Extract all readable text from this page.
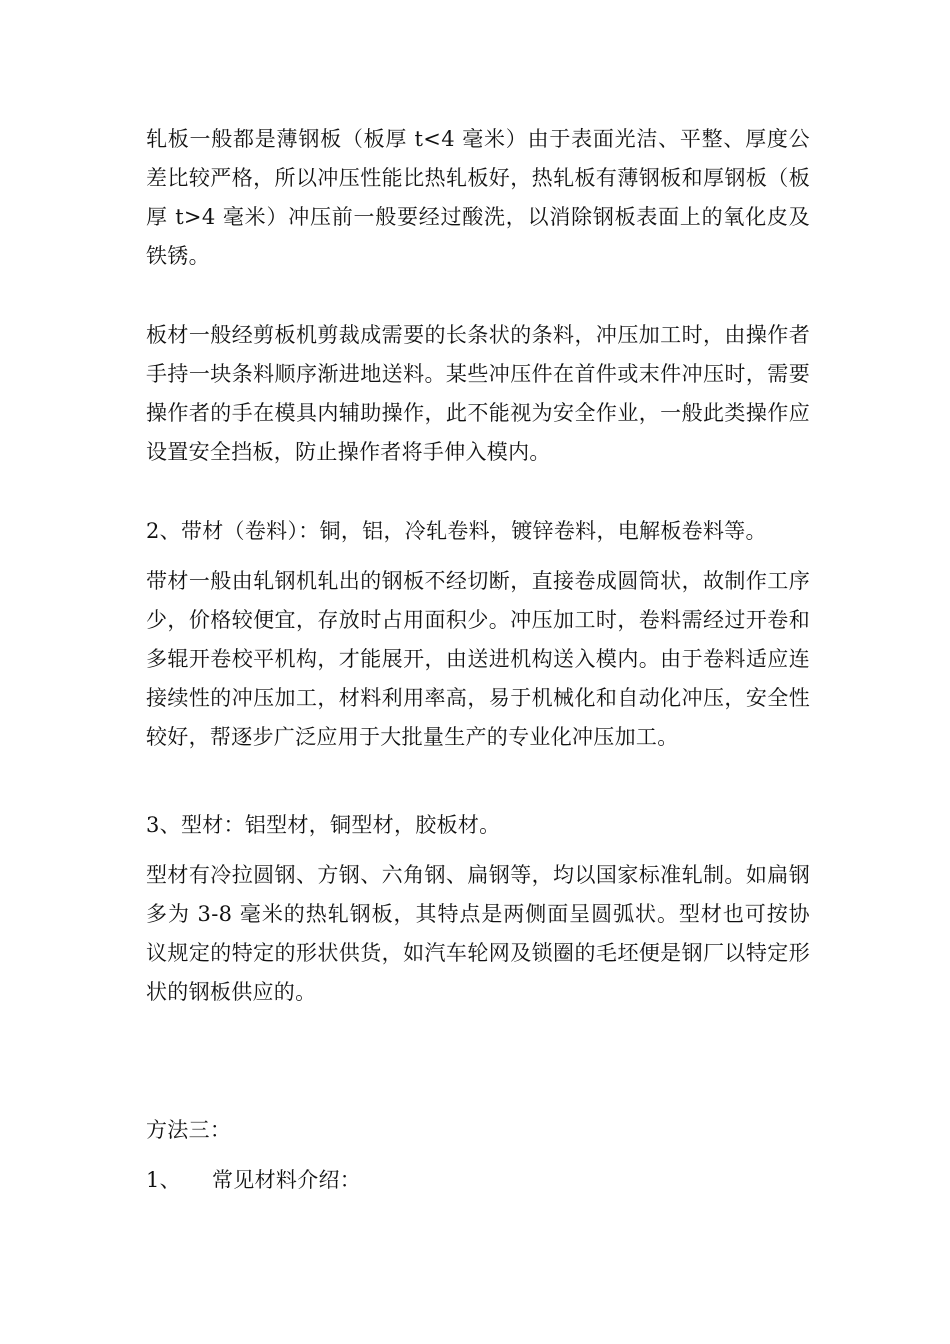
轧板一般都是薄钢板（板厚 t<4 毫米）由于表面光洁、平整、厚度公差比较严格，所以冲压性能比热轧板好，热轧板有薄钢板和厚钢板（板厚 t>4 毫米）冲压前一般要经过酸洗，以消除钢板表面上的氧化皮及铁锈。

板材一般经剪板机剪裁成需要的长条状的条料，冲压加工时，由操作者手持一块条料顺序渐进地送料。某些冲压件在首件或末件冲压时，需要操作者的手在模具内辅助操作，此不能视为安全作业，一般此类操作应设置安全挡板，防止操作者将手伸入模内。

2、带材（卷料）：铜，铝，冷轧卷料，镀锌卷料，电解板卷料等。

带材一般由轧钢机轧出的钢板不经切断，直接卷成圆筒状，故制作工序少，价格较便宜，存放时占用面积少。冲压加工时，卷料需经过开卷和多辊开卷校平机构，才能展开，由送进机构送入模内。由于卷料适应连接续性的冲压加工，材料利用率高，易于机械化和自动化冲压，安全性较好，帮逐步广泛应用于大批量生产的专业化冲压加工。

3、型材：铝型材，铜型材，胶板材。

型材有冷拉圆钢、方钢、六角钢、扁钢等，均以国家标准轧制。如扁钢多为 3-8 毫米的热轧钢板，其特点是两侧面呈圆弧状。型材也可按协议规定的特定的形状供货，如汽车轮网及锁圈的毛坯便是钢厂以特定形状的钢板供应的。

方法三：

1、	常见材料介绍：
